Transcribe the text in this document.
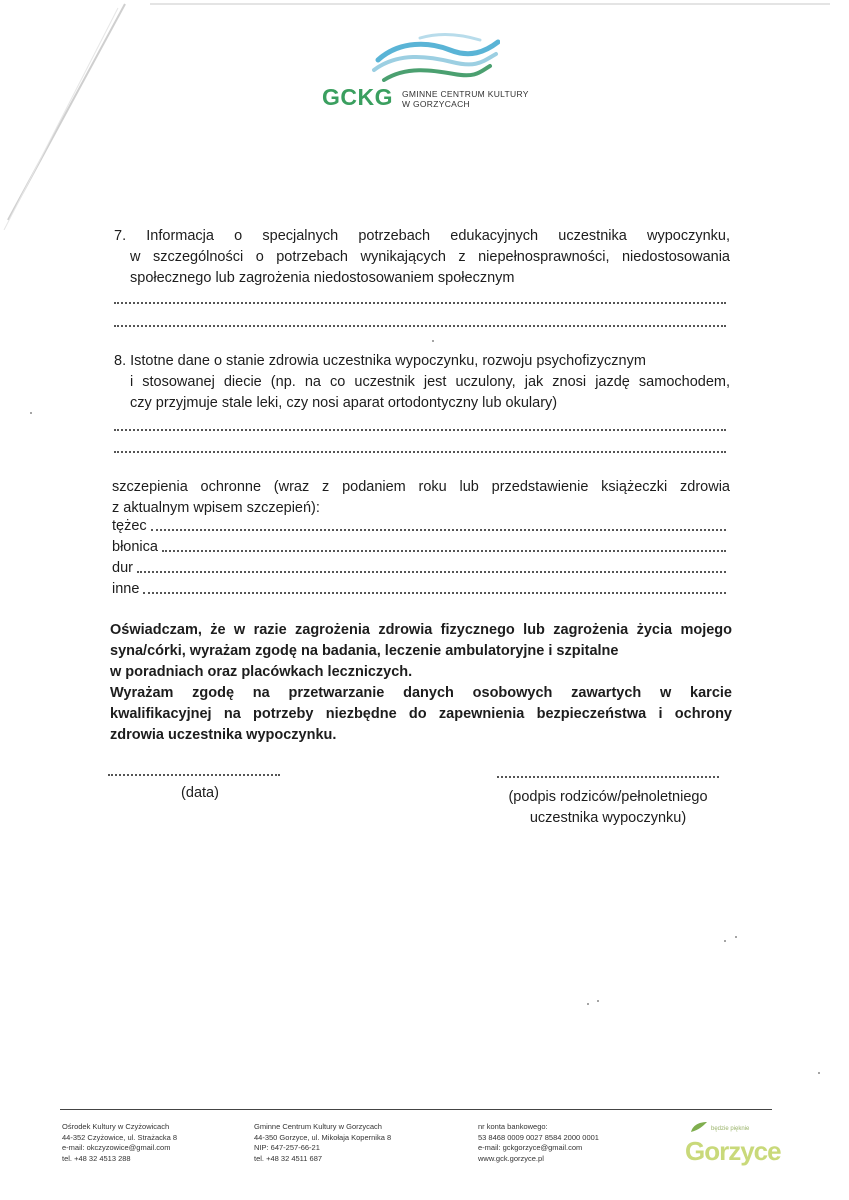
GCKG GMINNE CENTRUM KULTURY
W GORZYCACH
7. Informacja o specjalnych potrzebach edukacyjnych uczestnika wypoczynku,
w szczególności o potrzebach wynikających z niepełnosprawności, niedostosowania
społecznego lub zagrożenia niedostosowaniem społecznym
8. Istotne dane o stanie zdrowia uczestnika wypoczynku, rozwoju psychofizycznym
i stosowanej diecie (np. na co uczestnik jest uczulony, jak znosi jazdę samochodem,
czy przyjmuje stale leki, czy nosi aparat ortodontyczny lub okulary)
szczepienia ochronne (wraz z podaniem roku lub przedstawienie książeczki zdrowia
z aktualnym wpisem szczepień):
tężec
błonica
dur
inne
Oświadczam, że w razie zagrożenia zdrowia fizycznego lub zagrożenia życia mojego
syna/córki, wyrażam zgodę na badania, leczenie ambulatoryjne i szpitalne
w poradniach oraz placówkach leczniczych.
Wyrażam zgodę na przetwarzanie danych osobowych zawartych w karcie
kwalifikacyjnej na potrzeby niezbędne do zapewnienia bezpieczeństwa i ochrony
zdrowia uczestnika wypoczynku.
(data)	(podpis rodziców/pełnoletniego
uczestnika wypoczynku)
Ośrodek Kultury w Czyżowicach
44-352 Czyżowice, ul. Strażacka 8
e-mail: okczyzowice@gmail.com
tel. +48 32 4513 288
Gminne Centrum Kultury w Gorzycach
44-350 Gorzyce, ul. Mikołaja Kopernika 8
NIP: 647-257-66-21
tel. +48 32 4511 687
nr konta bankowego:
53 8468 0009 0027 8584 2000 0001
e-mail: gckgorzyce@gmail.com
www.gck.gorzyce.pl
będzie pięknie
Gorzyce
